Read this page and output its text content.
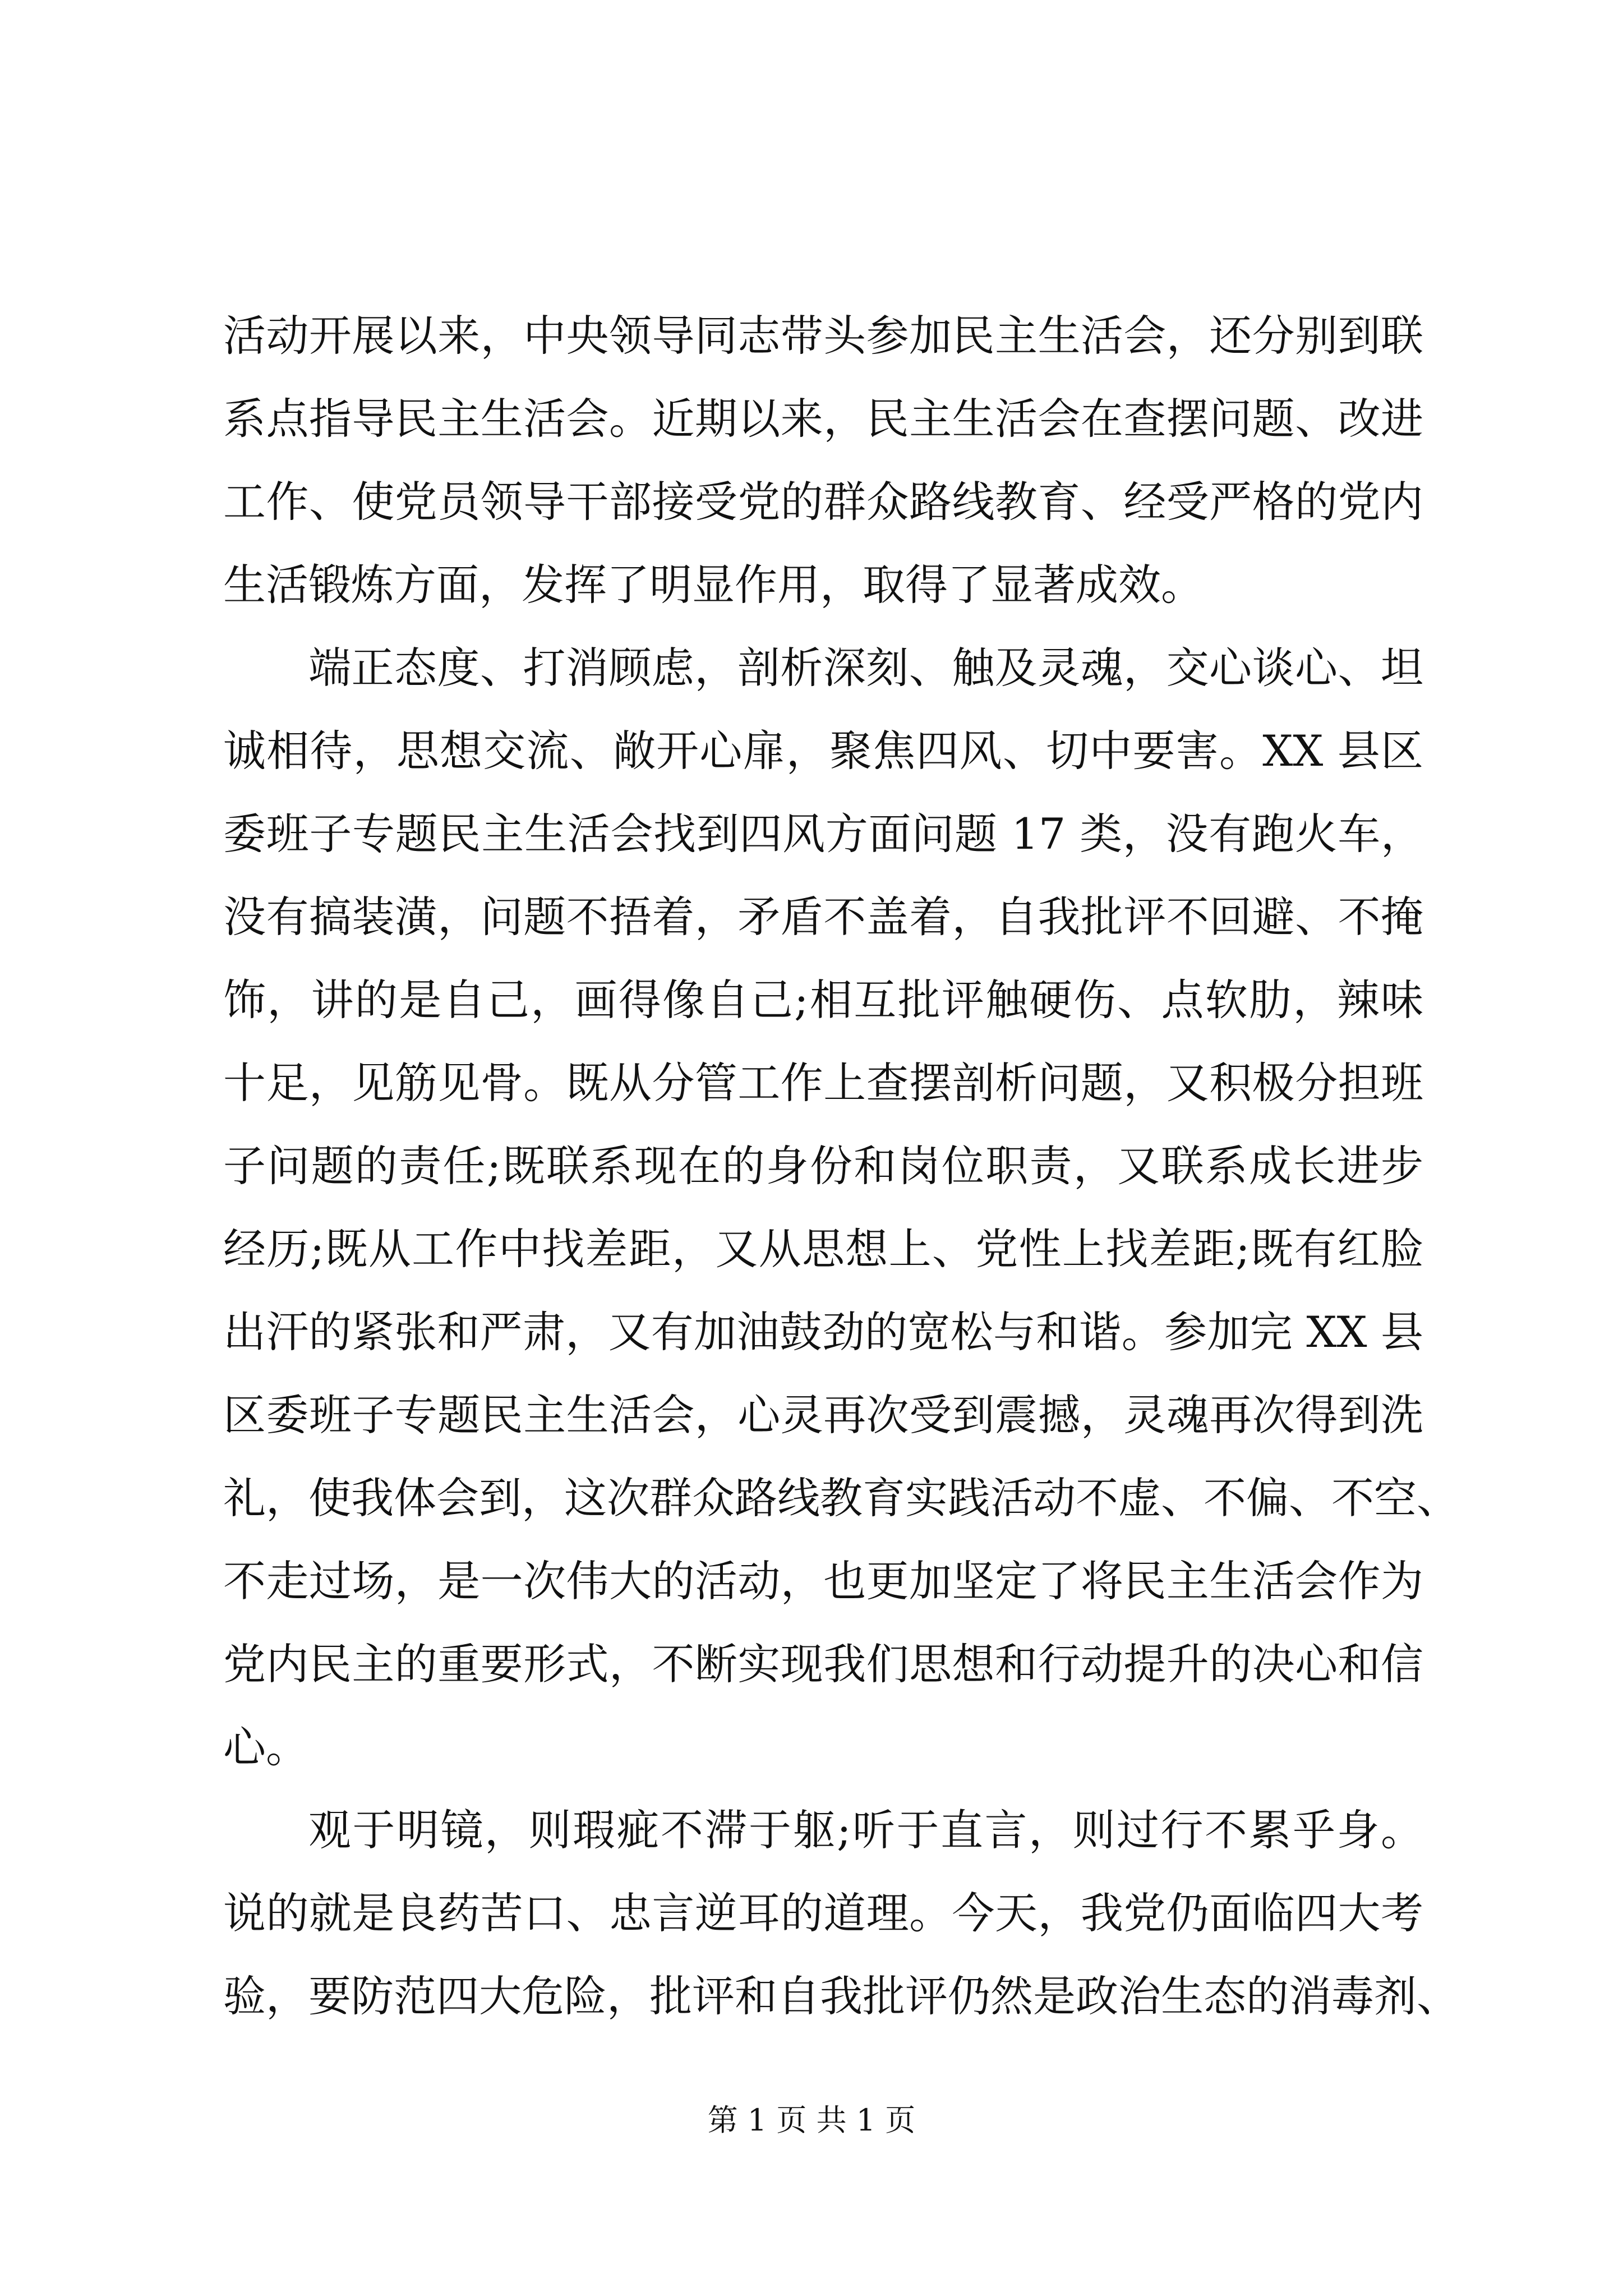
活动开展以来，中央领导同志带头参加民主生活会，还分别到联
系点指导民主生活会。近期以来，民主生活会在查摆问题、改进
工作、使党员领导干部接受党的群众路线教育、经受严格的党内
生活锻炼方面，发挥了明显作用，取得了显著成效。
端正态度、打消顾虑，剖析深刻、触及灵魂，交心谈心、坦
诚相待，思想交流、敞开心扉，聚焦四风、切中要害。XX 县区
委班子专题民主生活会找到四风方面问题 17 类，没有跑火车，
没有搞装潢，问题不捂着，矛盾不盖着，自我批评不回避、不掩
饰，讲的是自己，画得像自己;相互批评触硬伤、点软肋，辣味
十足，见筋见骨。既从分管工作上查摆剖析问题，又积极分担班
子问题的责任;既联系现在的身份和岗位职责，又联系成长进步
经历;既从工作中找差距，又从思想上、党性上找差距;既有红脸
出汗的紧张和严肃，又有加油鼓劲的宽松与和谐。参加完 XX 县
区委班子专题民主生活会，心灵再次受到震撼，灵魂再次得到洗
礼，使我体会到，这次群众路线教育实践活动不虚、不偏、不空、
不走过场，是一次伟大的活动，也更加坚定了将民主生活会作为
党内民主的重要形式，不断实现我们思想和行动提升的决心和信
心。
观于明镜，则瑕疵不滞于躯;听于直言，则过行不累乎身。
说的就是良药苦口、忠言逆耳的道理。今天，我党仍面临四大考
验，要防范四大危险，批评和自我批评仍然是政治生态的消毒剂、
第 1 页 共 1 页
